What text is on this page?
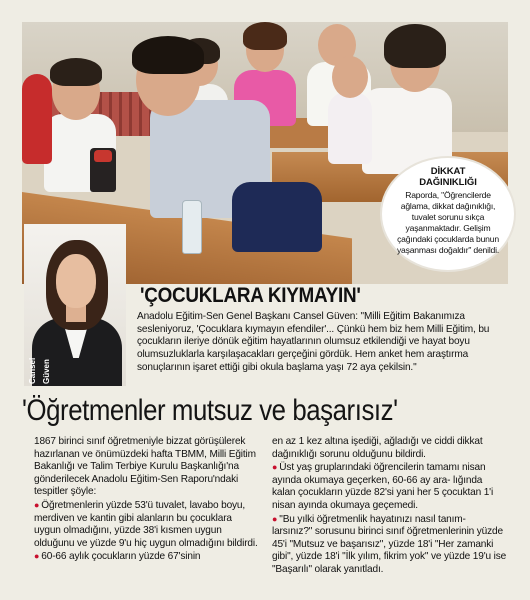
DİKKAT
DAĞINIKLIĞI
Raporda, "Öğrencilerde ağlama, dikkat dağınıklığı, tuvalet sorunu sıkça yaşanmaktadır. Gelişim çağındaki çocuklarda bunun yaşanması doğaldır" denildi.
Cansel Güven
'ÇOCUKLARA KIYMAYIN'
Anadolu Eğitim-Sen Genel Başkanı Cansel Güven: "Milli Eğitim Bakanımıza sesleniyoruz, 'Çocuklara kıymayın efendiler'... Çünkü hem biz hem Milli Eğitim, bu çocukların ileriye dönük eğitim hayatlarının olumsuz etkilendiği ve hayat boyu olumsuzluklarla karşılaşacakları gerçeğini gördük. Hem anket hem araştırma sonuçlarının işaret ettiği gibi okula başlama yaşı 72 aya çekilsin."
'Öğretmenler mutsuz ve başarısız'

1867 birinci sınıf öğretmeniyle bizzat görüşülerek hazırlanan ve önümüzdeki hafta TBMM, Milli Eğitim Bakanlığı ve Talim Terbiye Kurulu Başkanlığı'na gönderilecek Anadolu Eğitim-Sen Raporu'ndaki tespitler şöyle:

● Öğretmenlerin yüzde 53'ü tuvalet, lavabo boyu, merdiven ve kantin gibi alanların bu çocuklara uygun olmadığını, yüzde 38'i kısmen uygun olduğunu ve yüzde 9'u hiç uygun olmadığını bildirdi.

● 60-66 aylık çocukların yüzde 67'sinin

en az 1 kez altına işediği, ağladığı ve ciddi dikkat dağınıklığı sorunu olduğunu bildirdi.

● Üst yaş gruplarındaki öğrencilerin tamamı nisan ayında okumaya geçerken, 60-66 ay ara- lığında kalan çocukların yüzde 82'si yani her 5 çocuktan 1'i nisan ayında okumaya geçemedi.

● "Bu yılki öğretmenlik hayatınızı nasıl tanım- larsınız?" sorusunu birinci sınıf öğretmenlerinin yüzde 45'i "Mutsuz ve başarısız", yüzde 18'i "Her zamanki gibi", yüzde 18'i "İlk yılım, fikrim yok" ve yüzde 19'u ise "Başarılı" olarak yanıtladı.
